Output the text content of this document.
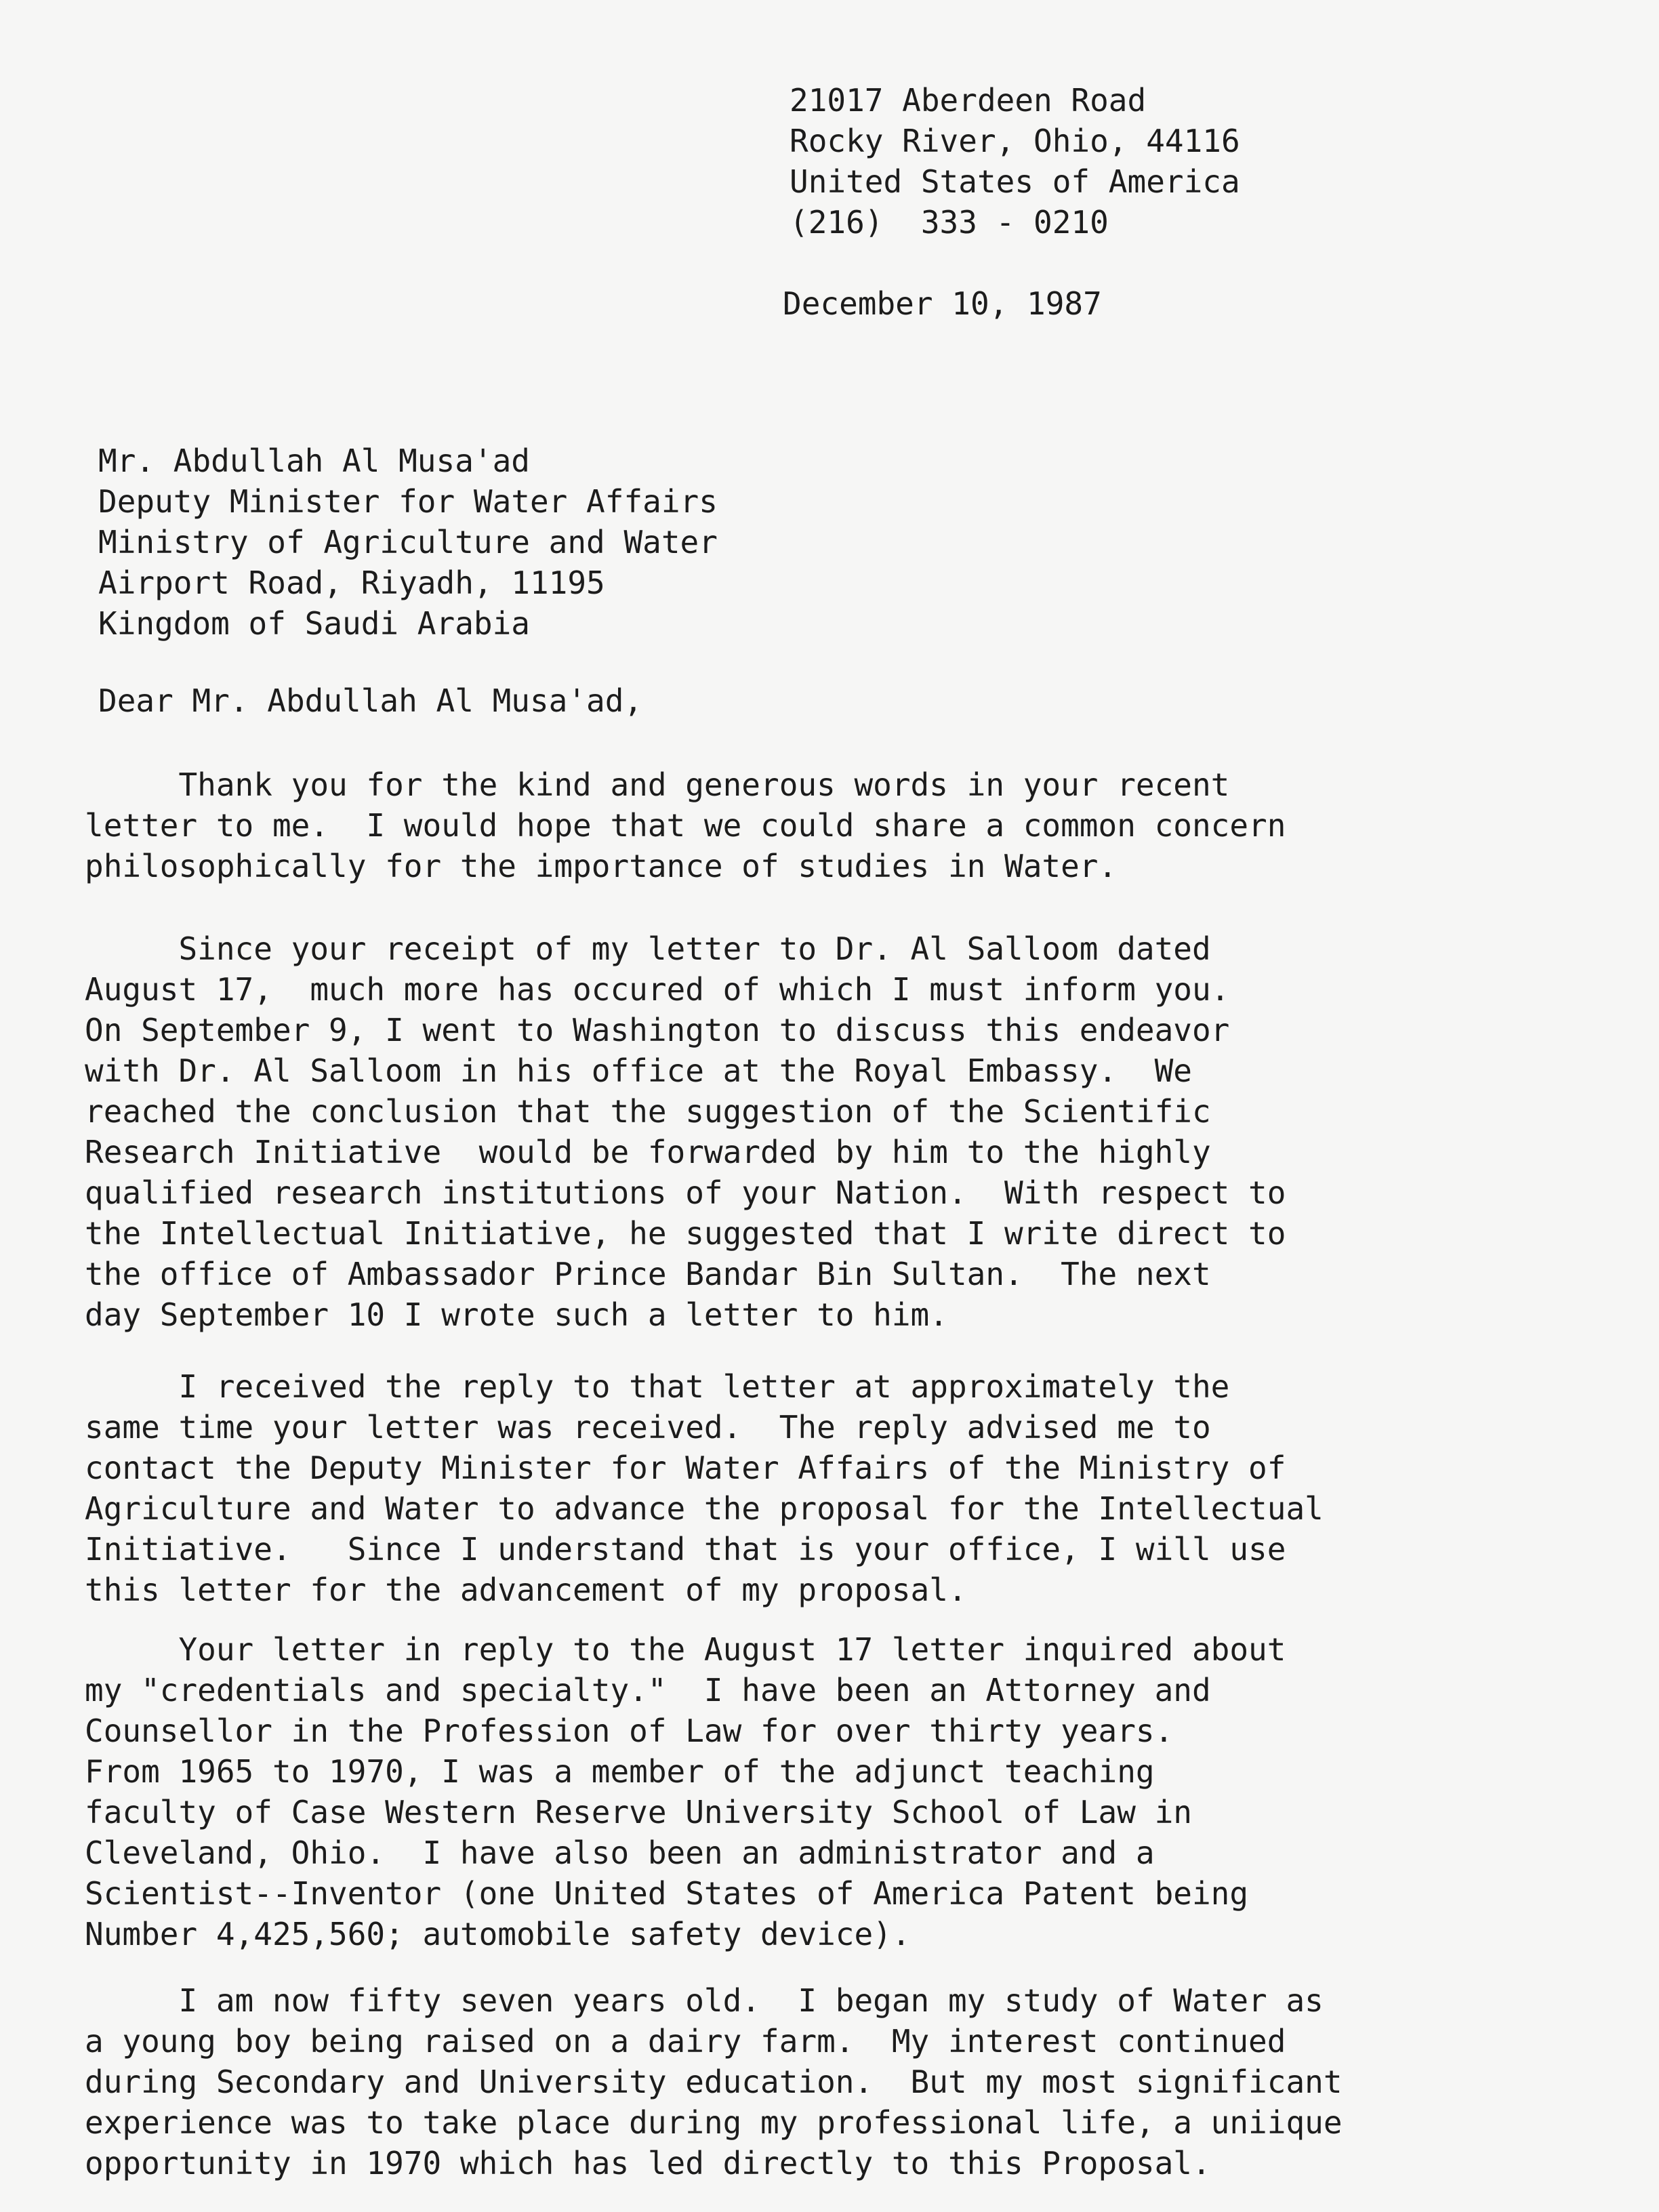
21017 Aberdeen Road
Rocky River, Ohio, 44116
United States of America
(216)  333 - 0210
December 10, 1987
Mr. Abdullah Al Musa'ad
Deputy Minister for Water Affairs
Ministry of Agriculture and Water
Airport Road, Riyadh, 11195
Kingdom of Saudi Arabia
Dear Mr. Abdullah Al Musa'ad,
Thank you for the kind and generous words in your recent
letter to me.  I would hope that we could share a common concern
philosophically for the importance of studies in Water.
Since your receipt of my letter to Dr. Al Salloom dated
August 17,  much more has occured of which I must inform you.
On September 9, I went to Washington to discuss this endeavor
with Dr. Al Salloom in his office at the Royal Embassy.  We
reached the conclusion that the suggestion of the Scientific
Research Initiative  would be forwarded by him to the highly
qualified research institutions of your Nation.  With respect to
the Intellectual Initiative, he suggested that I write direct to
the office of Ambassador Prince Bandar Bin Sultan.  The next
day September 10 I wrote such a letter to him.
I received the reply to that letter at approximately the
same time your letter was received.  The reply advised me to
contact the Deputy Minister for Water Affairs of the Ministry of
Agriculture and Water to advance the proposal for the Intellectual
Initiative.   Since I understand that is your office, I will use
this letter for the advancement of my proposal.
Your letter in reply to the August 17 letter inquired about
my "credentials and specialty."  I have been an Attorney and
Counsellor in the Profession of Law for over thirty years.
From 1965 to 1970, I was a member of the adjunct teaching
faculty of Case Western Reserve University School of Law in
Cleveland, Ohio.  I have also been an administrator and a
Scientist--Inventor (one United States of America Patent being
Number 4,425,560; automobile safety device).
I am now fifty seven years old.  I began my study of Water as
a young boy being raised on a dairy farm.  My interest continued
during Secondary and University education.  But my most significant
experience was to take place during my professional life, a uniique
opportunity in 1970 which has led directly to this Proposal.
